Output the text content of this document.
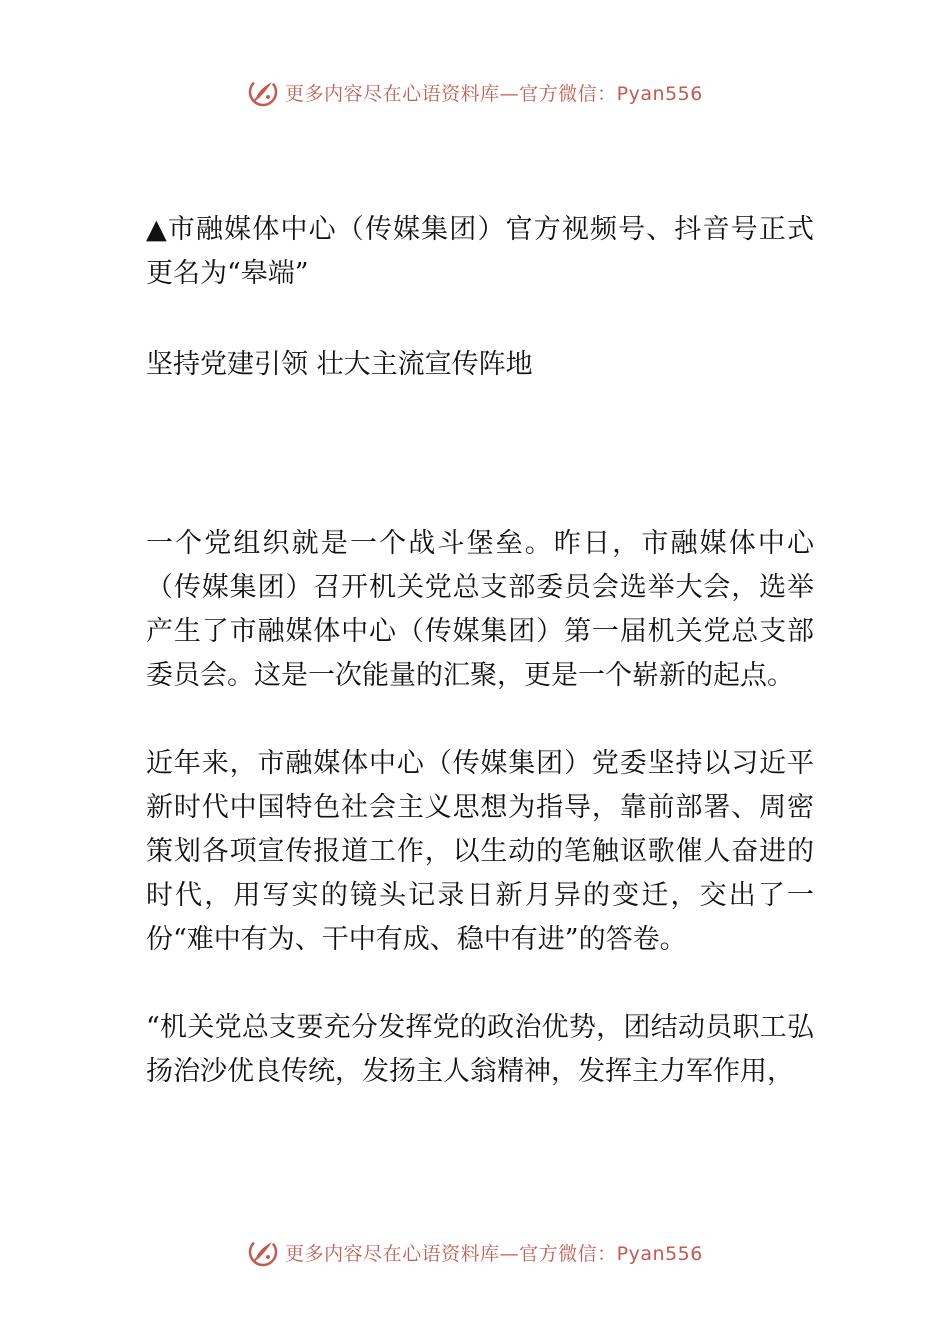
更多内容尽在心语资料库—官方微信：Pyan556

▲市融媒体中心（传媒集团）官方视频号、抖音号正式更名为“皋端”

坚持党建引领 壮大主流宣传阵地

一个党组织就是一个战斗堡垒。昨日，市融媒体中心（传媒集团）召开机关党总支部委员会选举大会，选举产生了市融媒体中心（传媒集团）第一届机关党总支部委员会。这是一次能量的汇聚，更是一个崭新的起点。

近年来，市融媒体中心（传媒集团）党委坚持以习近平新时代中国特色社会主义思想为指导，靠前部署、周密策划各项宣传报道工作，以生动的笔触讴歌催人奋进的时代，用写实的镜头记录日新月异的变迁，交出了一份“难中有为、干中有成、稳中有进”的答卷。

“机关党总支要充分发挥党的政治优势，团结动员职工弘扬治沙优良传统，发扬主人翁精神，发挥主力军作用，

更多内容尽在心语资料库—官方微信：Pyan556
